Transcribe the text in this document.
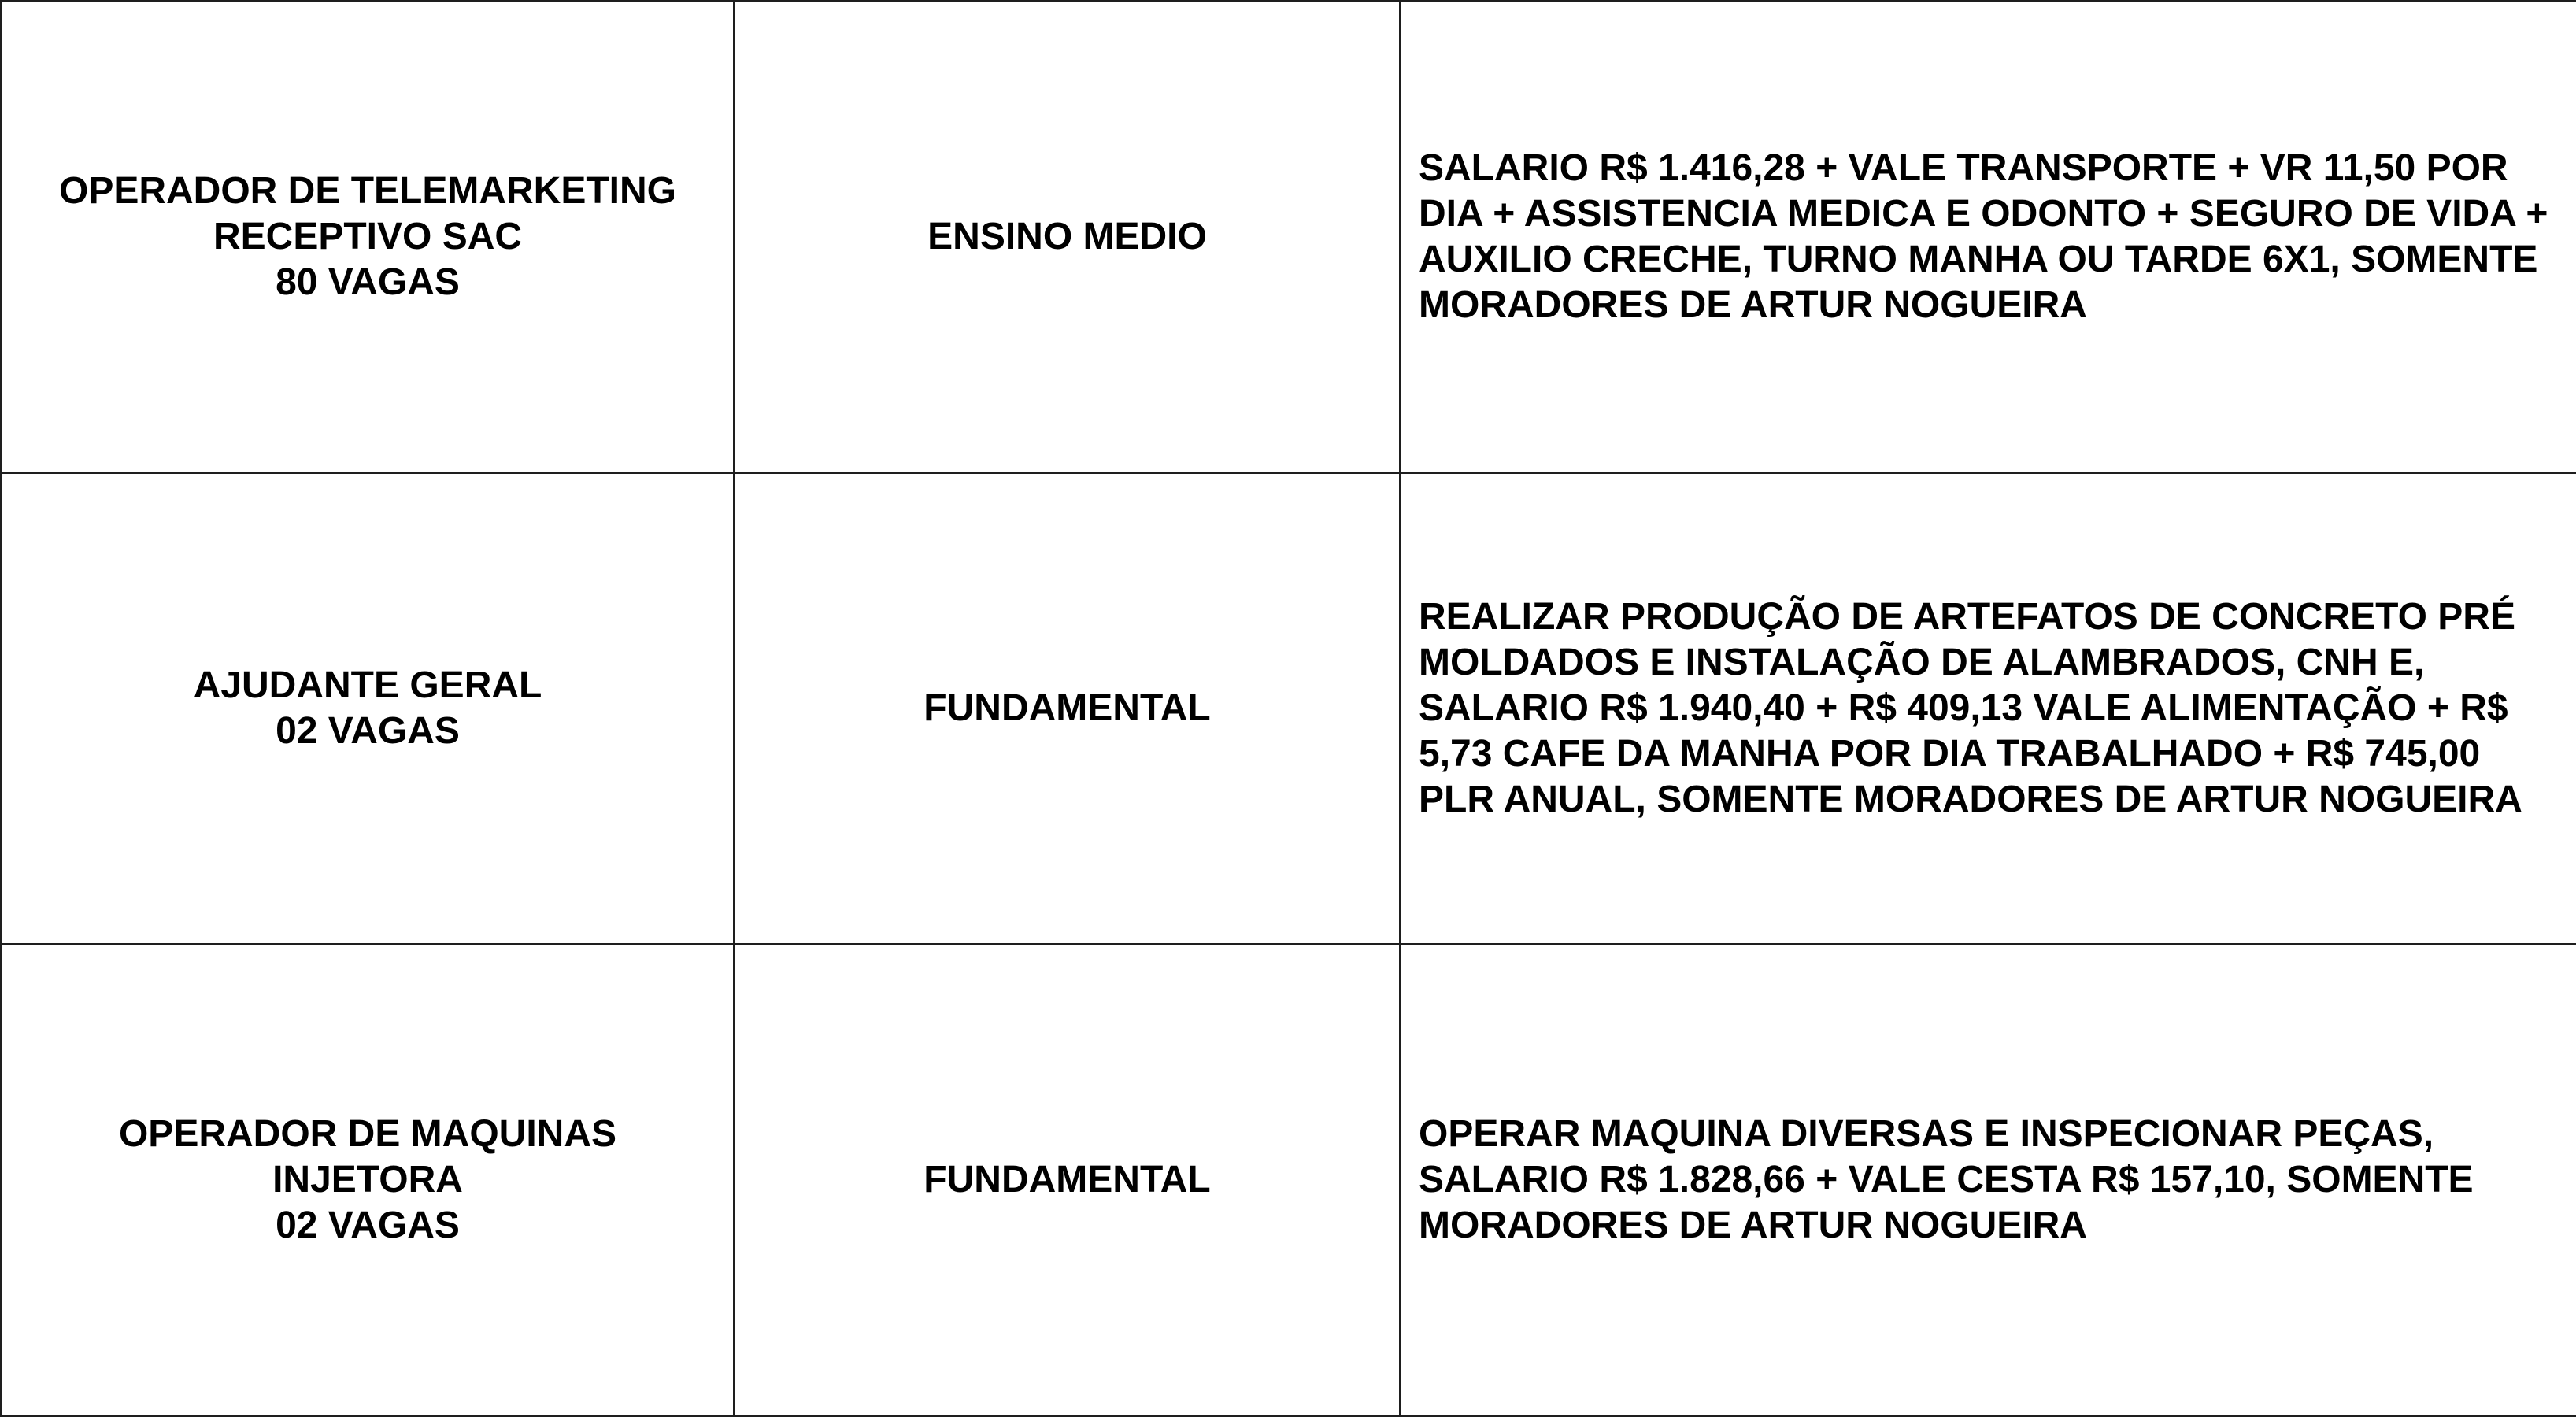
OPERADOR DE TELEMARKETING
RECEPTIVO SAC
80 VAGAS	ENSINO MEDIO	SALARIO R$ 1.416,28 + VALE TRANSPORTE + VR 11,50 POR DIA + ASSISTENCIA MEDICA E ODONTO + SEGURO DE VIDA + AUXILIO CRECHE, TURNO MANHA OU TARDE 6X1, SOMENTE MORADORES DE ARTUR NOGUEIRA

AJUDANTE GERAL
02 VAGAS	FUNDAMENTAL	REALIZAR PRODUÇÃO DE ARTEFATOS DE CONCRETO PRÉ MOLDADOS E INSTALAÇÃO DE ALAMBRADOS, CNH E, SALARIO R$ 1.940,40 + R$ 409,13 VALE ALIMENTAÇÃO + R$ 5,73 CAFE DA MANHA POR DIA TRABALHADO + R$ 745,00 PLR ANUAL, SOMENTE MORADORES DE ARTUR NOGUEIRA

OPERADOR DE MAQUINAS
INJETORA
02 VAGAS	FUNDAMENTAL	OPERAR MAQUINA DIVERSAS E INSPECIONAR PEÇAS, SALARIO R$ 1.828,66 + VALE CESTA R$ 157,10, SOMENTE MORADORES DE ARTUR NOGUEIRA
